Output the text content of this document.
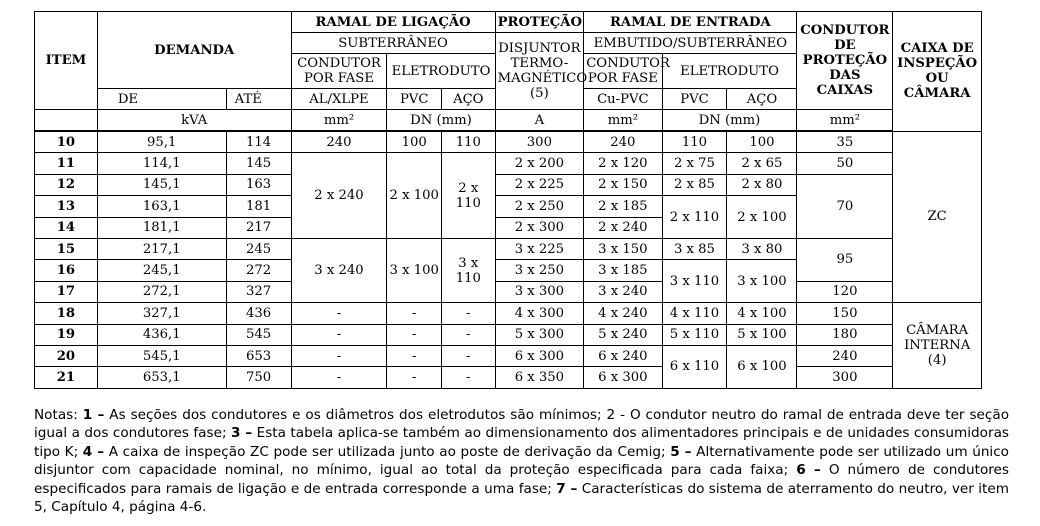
ITEM	DEMANDA		RAMAL DE LIGAÇÃO			PROTEÇÃO	RAMAL DE ENTRADA			CONDUTOR DE PROTEÇÃO DAS CAIXAS	CAIXA DE INSPEÇÃO OU CÂMARA
			SUBTERRÂNEO			DISJUNTOR TERMO-MAGNÉTICO (5)	EMBUTIDO/SUBTERRÂNEO				
			CONDUTOR POR FASE	ELETRODUTO			CONDUTOR POR FASE	ELETRODUTO			
	DE	ATÉ	AL/XLPE	PVC	AÇO		Cu-PVC	PVC	AÇO		
	kVA		mm²	DN (mm)		A	mm²	DN (mm)		mm²	
10	95,1	114	240	100	110	300	240	110	100	35	ZC
11	114,1	145	2 x 240	2 x 100	2 x 110	2 x 200	2 x 120	2 x 75	2 x 65	50	
12	145,1	163				2 x 225	2 x 150	2 x 85	2 x 80	70	
13	163,1	181				2 x 250	2 x 185	2 x 110	2 x 100		
14	181,1	217				2 x 300	2 x 240				
15	217,1	245	3 x 240	3 x 100	3 x 110	3 x 225	3 x 150	3 x 85	3 x 80	95	
16	245,1	272				3 x 250	3 x 185	3 x 110	3 x 100		
17	272,1	327				3 x 300	3 x 240			120	
18	327,1	436	-	-	-	4 x 300	4 x 240	4 x 110	4 x 100	150	CÂMARA INTERNA (4)
19	436,1	545	-	-	-	5 x 300	5 x 240	5 x 110	5 x 100	180	
20	545,1	653	-	-	-	6 x 300	6 x 240	6 x 110	6 x 100	240	
21	653,1	750	-	-	-	6 x 350	6 x 300			300	
Notas: 1 – As seções dos condutores e os diâmetros dos eletrodutos são mínimos; 2 - O condutor neutro do ramal de entrada deve ter seção igual a dos condutores fase; 3 – Esta tabela aplica-se também ao dimensionamento dos alimentadores principais e de unidades consumidoras tipo K; 4 – A caixa de inspeção ZC pode ser utilizada junto ao poste de derivação da Cemig; 5 – Alternativamente pode ser utilizado um único disjuntor com capacidade nominal, no mínimo, igual ao total da proteção especificada para cada faixa; 6 – O número de condutores especificados para ramais de ligação e de entrada corresponde a uma fase; 7 – Características do sistema de aterramento do neutro, ver item 5, Capítulo 4, página 4-6.
